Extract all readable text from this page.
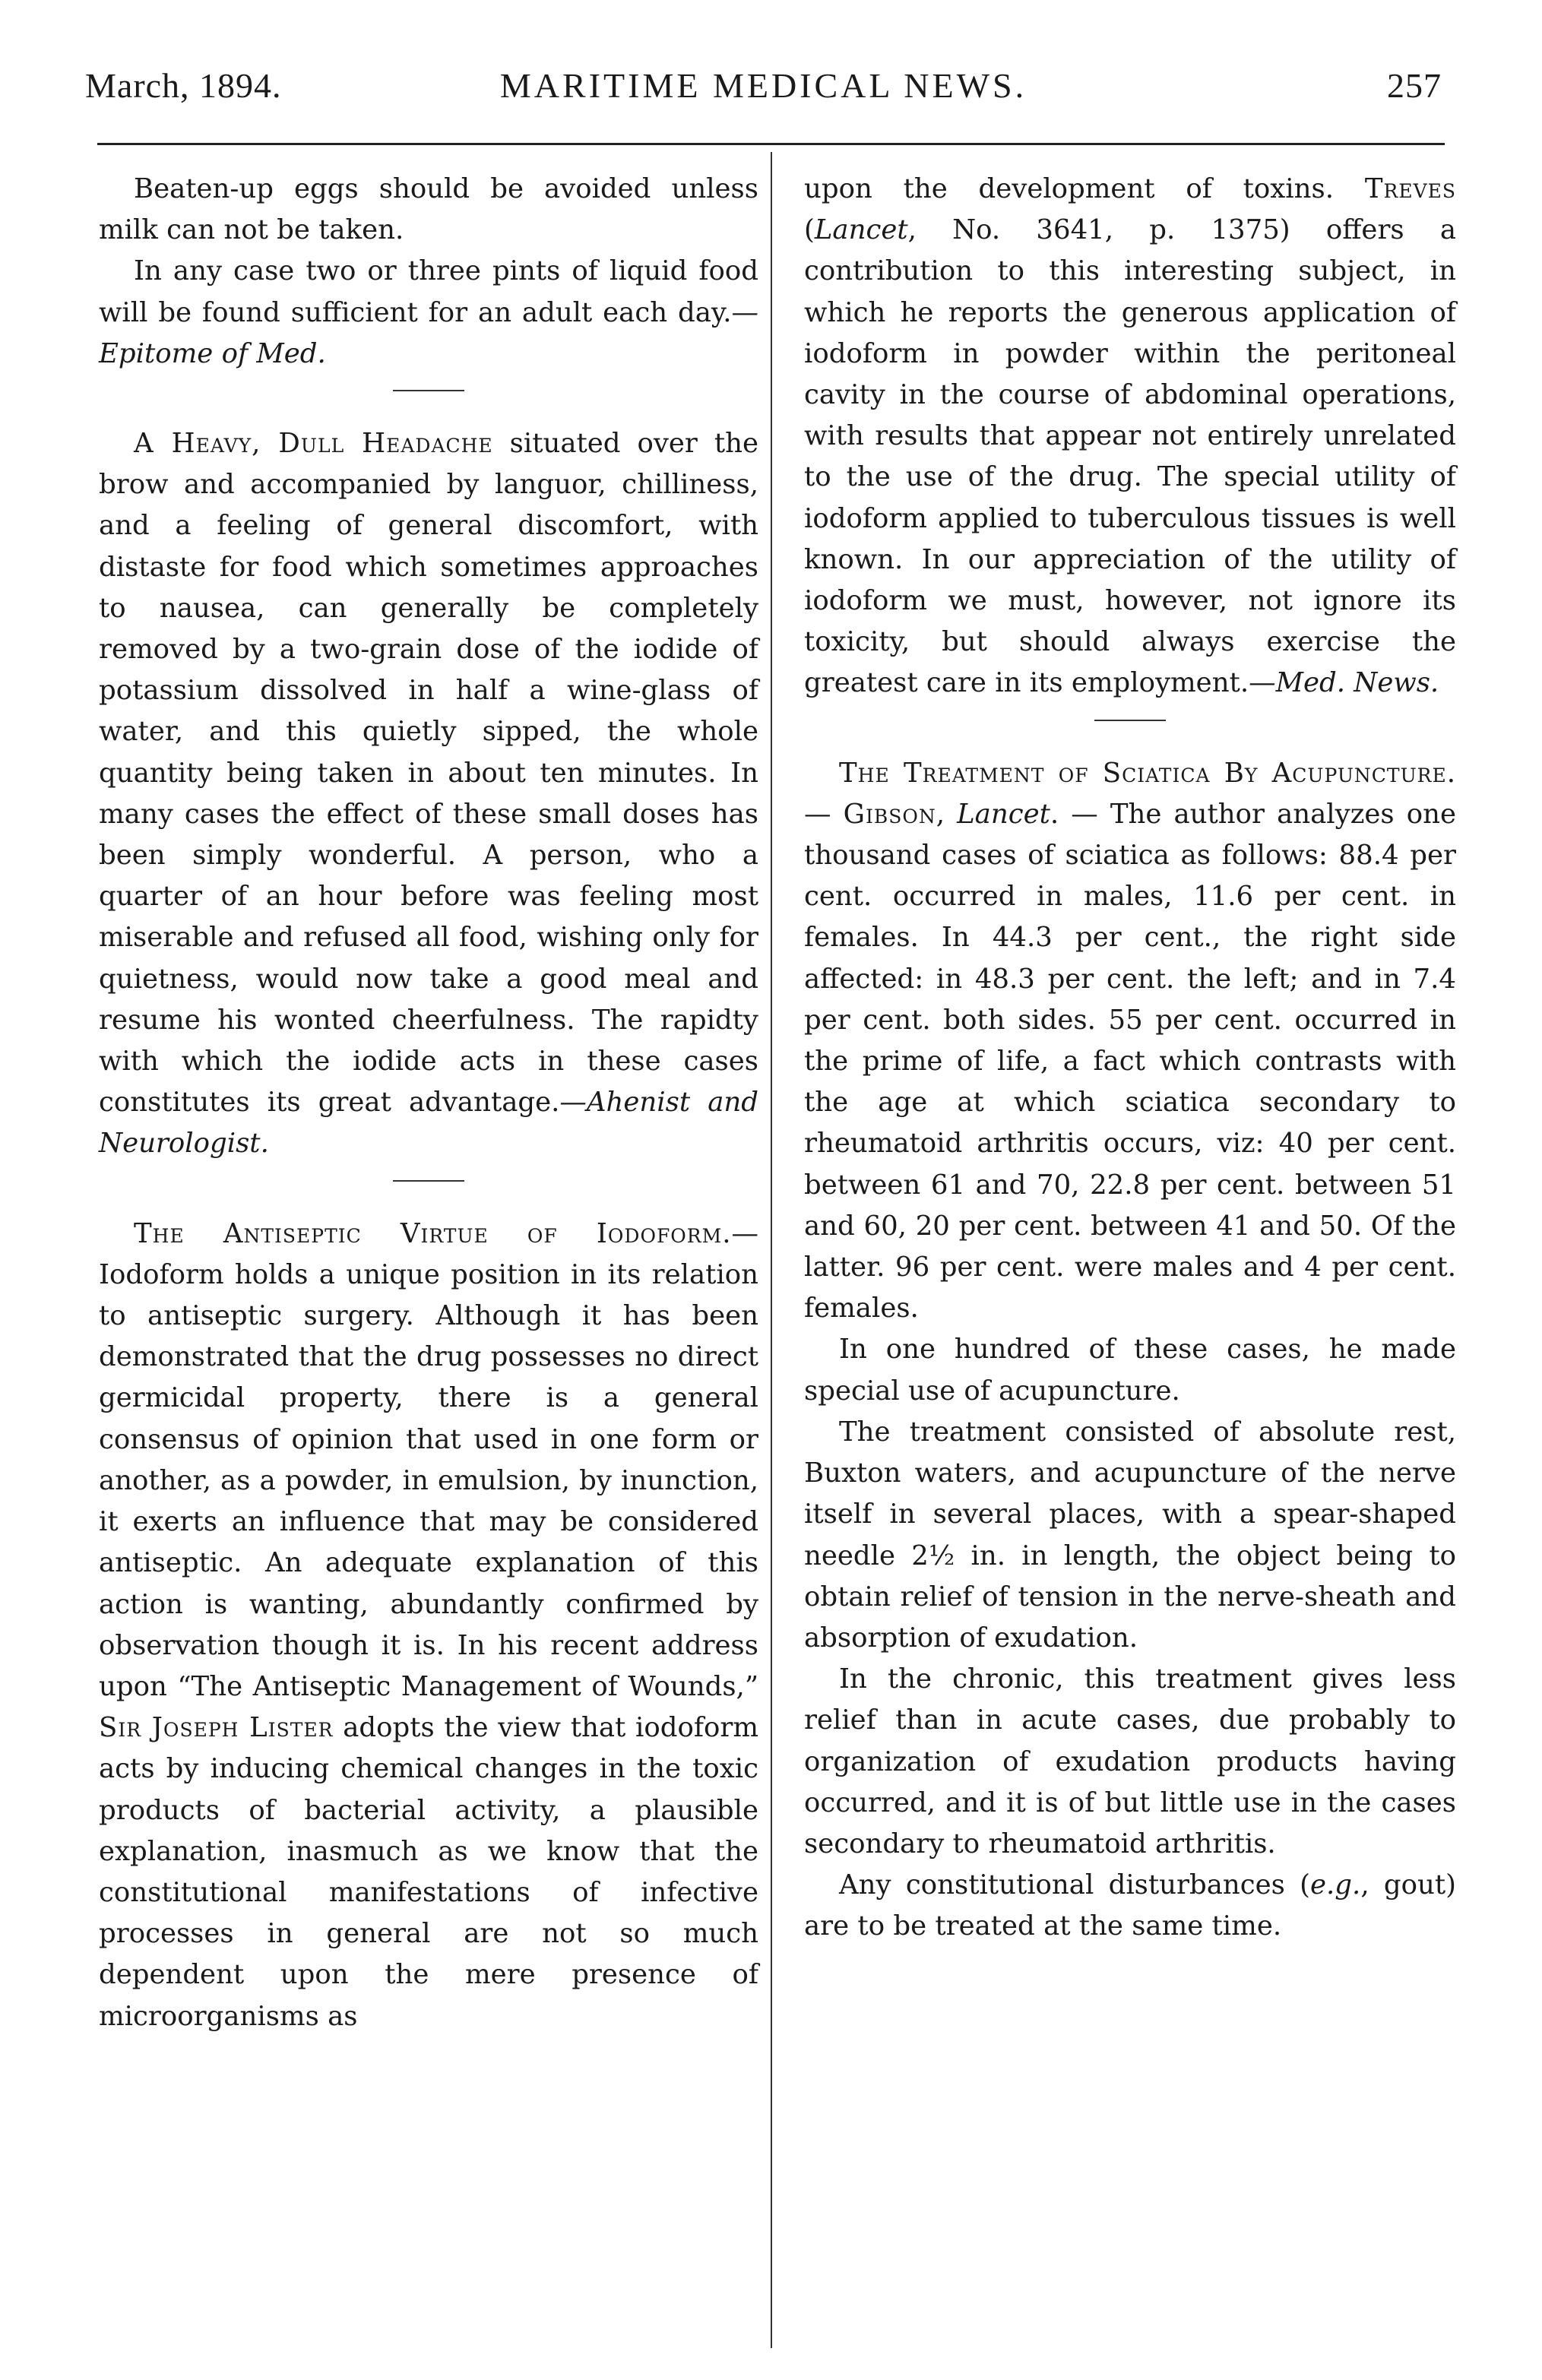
March, 1894.	MARITIME MEDICAL NEWS.	257

Beaten-up eggs should be avoided unless milk can not be taken.

In any case two or three pints of liquid food will be found sufficient for an adult each day.—Epitome of Med.

A Heavy, Dull Headache situated over the brow and accompanied by languor, chilliness, and a feeling of general discomfort, with distaste for food which sometimes approaches to nausea, can generally be completely removed by a two-grain dose of the iodide of potassium dissolved in half a wine-glass of water, and this quietly sipped, the whole quantity being taken in about ten minutes. In many cases the effect of these small doses has been simply wonderful. A person, who a quarter of an hour before was feeling most miserable and refused all food, wishing only for quietness, would now take a good meal and resume his wonted cheerfulness. The rapidty with which the iodide acts in these cases constitutes its great advantage.—Ahenist and Neurologist.

The Antiseptic Virtue of Iodoform.—Iodoform holds a unique position in its relation to antiseptic surgery. Although it has been demonstrated that the drug possesses no direct germicidal property, there is a general consensus of opinion that used in one form or another, as a powder, in emulsion, by inunction, it exerts an influence that may be considered antiseptic. An adequate explanation of this action is wanting, abundantly confirmed by observation though it is. In his recent address upon “The Antiseptic Management of Wounds,” Sir Joseph Lister adopts the view that iodoform acts by inducing chemical changes in the toxic products of bacterial activity, a plausible explanation, inasmuch as we know that the constitutional manifestations of infective processes in general are not so much dependent upon the mere presence of microorganisms as

upon the development of toxins. Treves (Lancet, No. 3641, p. 1375) offers a contribution to this interesting subject, in which he reports the generous application of iodoform in powder within the peritoneal cavity in the course of abdominal operations, with results that appear not entirely unrelated to the use of the drug. The special utility of iodoform applied to tuberculous tissues is well known. In our appreciation of the utility of iodoform we must, however, not ignore its toxicity, but should always exercise the greatest care in its employment.—Med. News.

The Treatment of Sciatica By Acupuncture. — Gibson, Lancet. — The author analyzes one thousand cases of sciatica as follows: 88.4 per cent. occurred in males, 11.6 per cent. in females. In 44.3 per cent., the right side affected: in 48.3 per cent. the left; and in 7.4 per cent. both sides. 55 per cent. occurred in the prime of life, a fact which contrasts with the age at which sciatica secondary to rheumatoid arthritis occurs, viz: 40 per cent. between 61 and 70, 22.8 per cent. between 51 and 60, 20 per cent. between 41 and 50. Of the latter. 96 per cent. were males and 4 per cent. females.

In one hundred of these cases, he made special use of acupuncture.

The treatment consisted of absolute rest, Buxton waters, and acupuncture of the nerve itself in several places, with a spear-shaped needle 2½ in. in length, the object being to obtain relief of tension in the nerve-sheath and absorption of exudation.

In the chronic, this treatment gives less relief than in acute cases, due probably to organization of exudation products having occurred, and it is of but little use in the cases secondary to rheumatoid arthritis.

Any constitutional disturbances (e.g., gout) are to be treated at the same time.
